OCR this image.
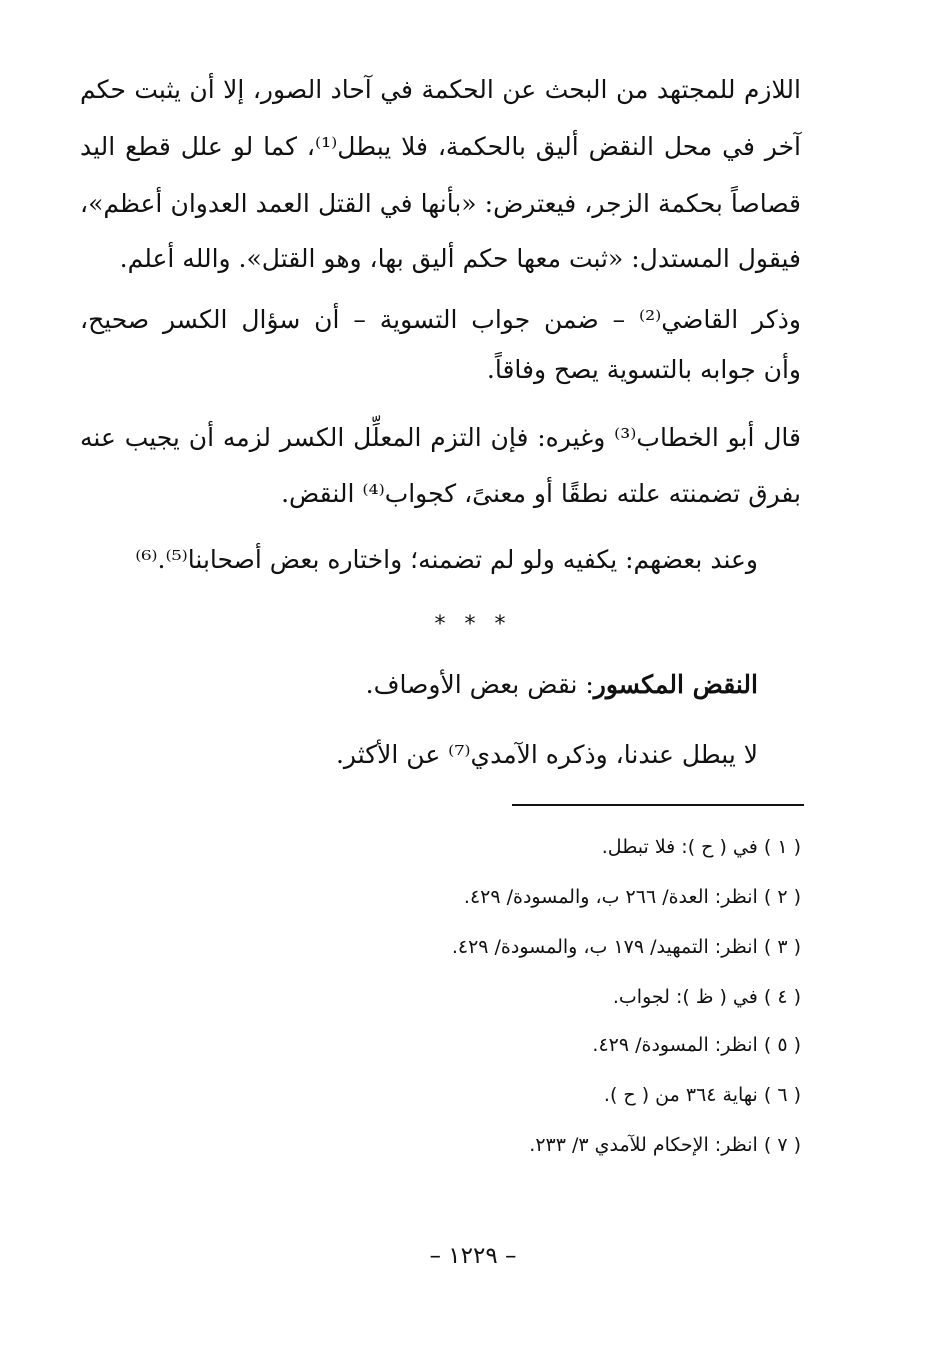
اللازم للمجتهد من البحث عن الحكمة في آحاد الصور، إلا أن يثبت حكم
آخر في محل النقض أليق بالحكمة، فلا يبطل⁽¹⁾، كما لو علل قطع اليد
قصاصاً بحكمة الزجر، فيعترض: «بأنها في القتل العمد العدوان أعظم»،
فيقول المستدل: «ثبت معها حكم أليق بها، وهو القتل». والله أعلم.
وذكر القاضي⁽²⁾ – ضمن جواب التسوية – أن سؤال الكسر صحيح،
وأن جوابه بالتسوية يصح وفاقاً.
قال أبو الخطاب⁽³⁾ وغيره: فإن التزم المعلِّل الكسر لزمه أن يجيب عنه
بفرق تضمنته علته نطقًا أو معنىً، كجواب⁽⁴⁾ النقض.
وعند بعضهم: يكفيه ولو لم تضمنه؛ واختاره بعض أصحابنا⁽⁵⁾.⁽⁶⁾
* * *
النقض المكسور: نقض بعض الأوصاف.
لا يبطل عندنا، وذكره الآمدي⁽⁷⁾ عن الأكثر.
( ١ ) في ( ح ): فلا تبطل.
( ٢ ) انظر: العدة/ ٢٦٦ ب، والمسودة/ ٤٢٩.
( ٣ ) انظر: التمهيد/ ١٧٩ ب، والمسودة/ ٤٢٩.
( ٤ ) في ( ظ ): لجواب.
( ٥ ) انظر: المسودة/ ٤٢٩.
( ٦ ) نهاية ٣٦٤ من ( ح ).
( ٧ ) انظر: الإحكام للآمدي ٣/ ٢٣٣.
– ١٢٢٩ –
